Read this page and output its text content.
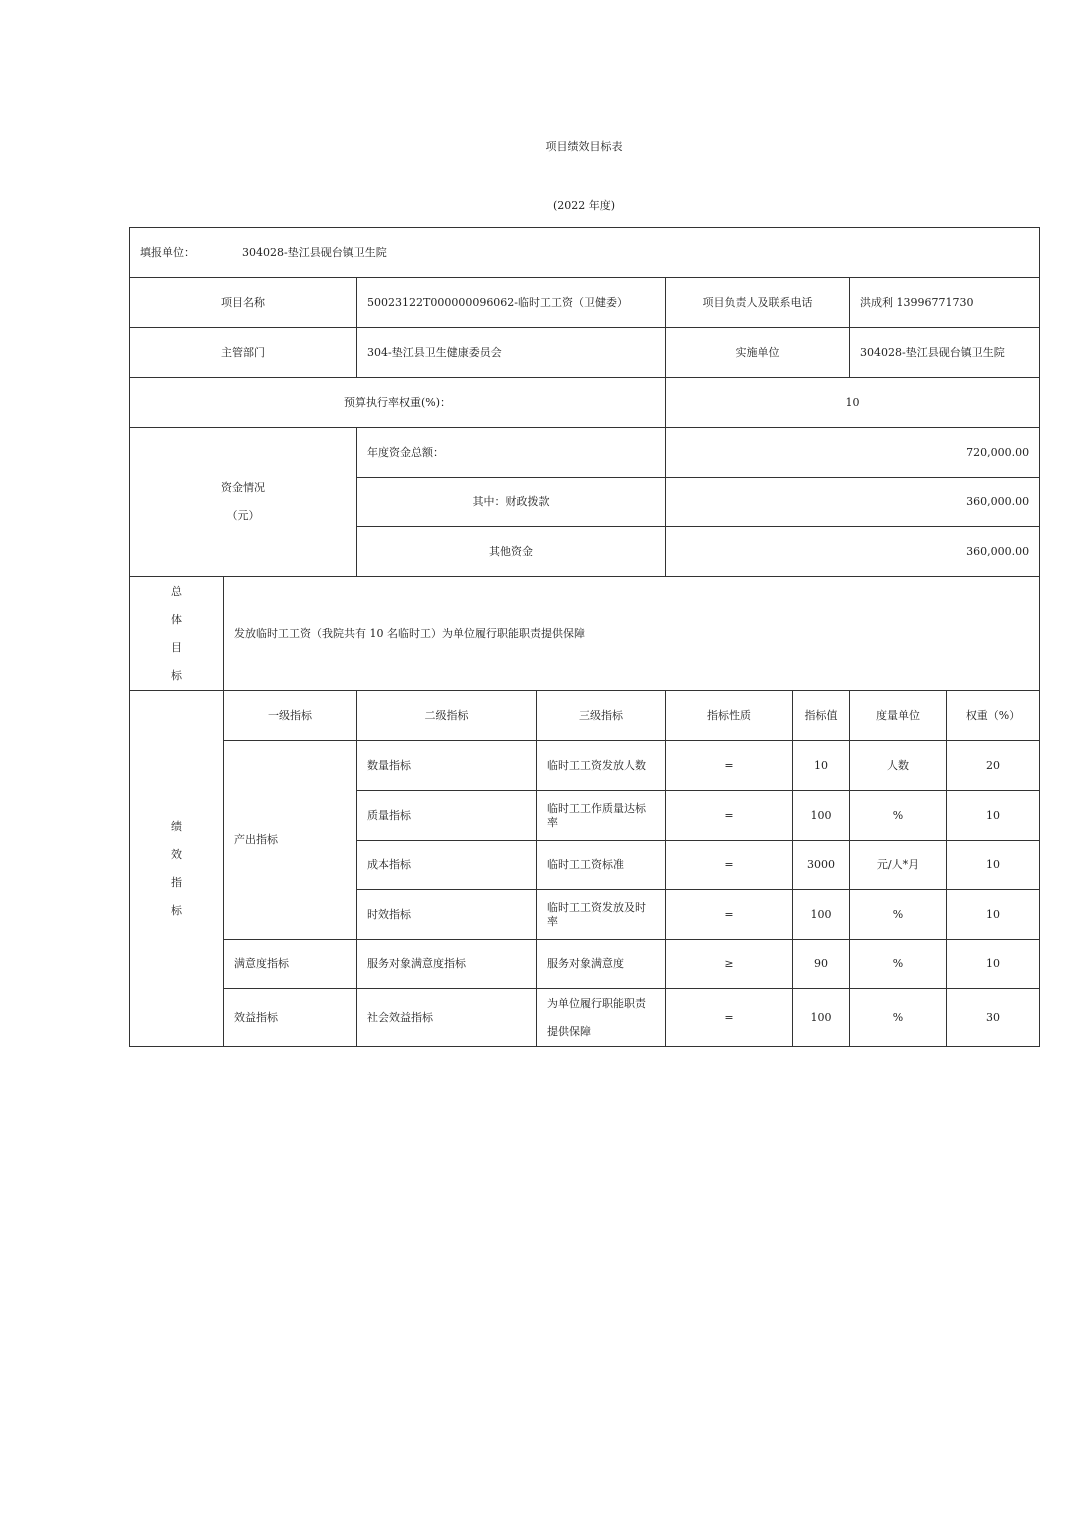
项目绩效目标表
(2022 年度)
填报单位： 304028-垫江县砚台镇卫生院							
项目名称		50023122T000000096062-临时工工资（卫健委）		项目负责人及联系电话		洪成利 13996771730	
主管部门		304-垫江县卫生健康委员会		实施单位		304028-垫江县砚台镇卫生院	
预算执行率权重(%)：				10			

资金情况
（元）		年度资金总额：		720,000.00			
		其中：财政拨款		360,000.00			
		其他资金		360,000.00			

总
体
目
标	发放临时工工资（我院共有 10 名临时工）为单位履行职能职责提供保障						

绩
效
指
标	一级指标	二级指标	三级指标	指标性质	指标值	度量单位	权重（%）
	产出指标	数量指标	临时工工资发放人数	=	10	人数	20
		质量指标	临时工工作质量达标率	=	100	%	10
		成本指标	临时工工资标准	=	3000	元/人*月	10
		时效指标	临时工工资发放及时率	=	100	%	10
	满意度指标	服务对象满意度指标	服务对象满意度	≥	90	%	10
	效益指标	社会效益指标	为单位履行职能职责提供保障	=	100	%	30
